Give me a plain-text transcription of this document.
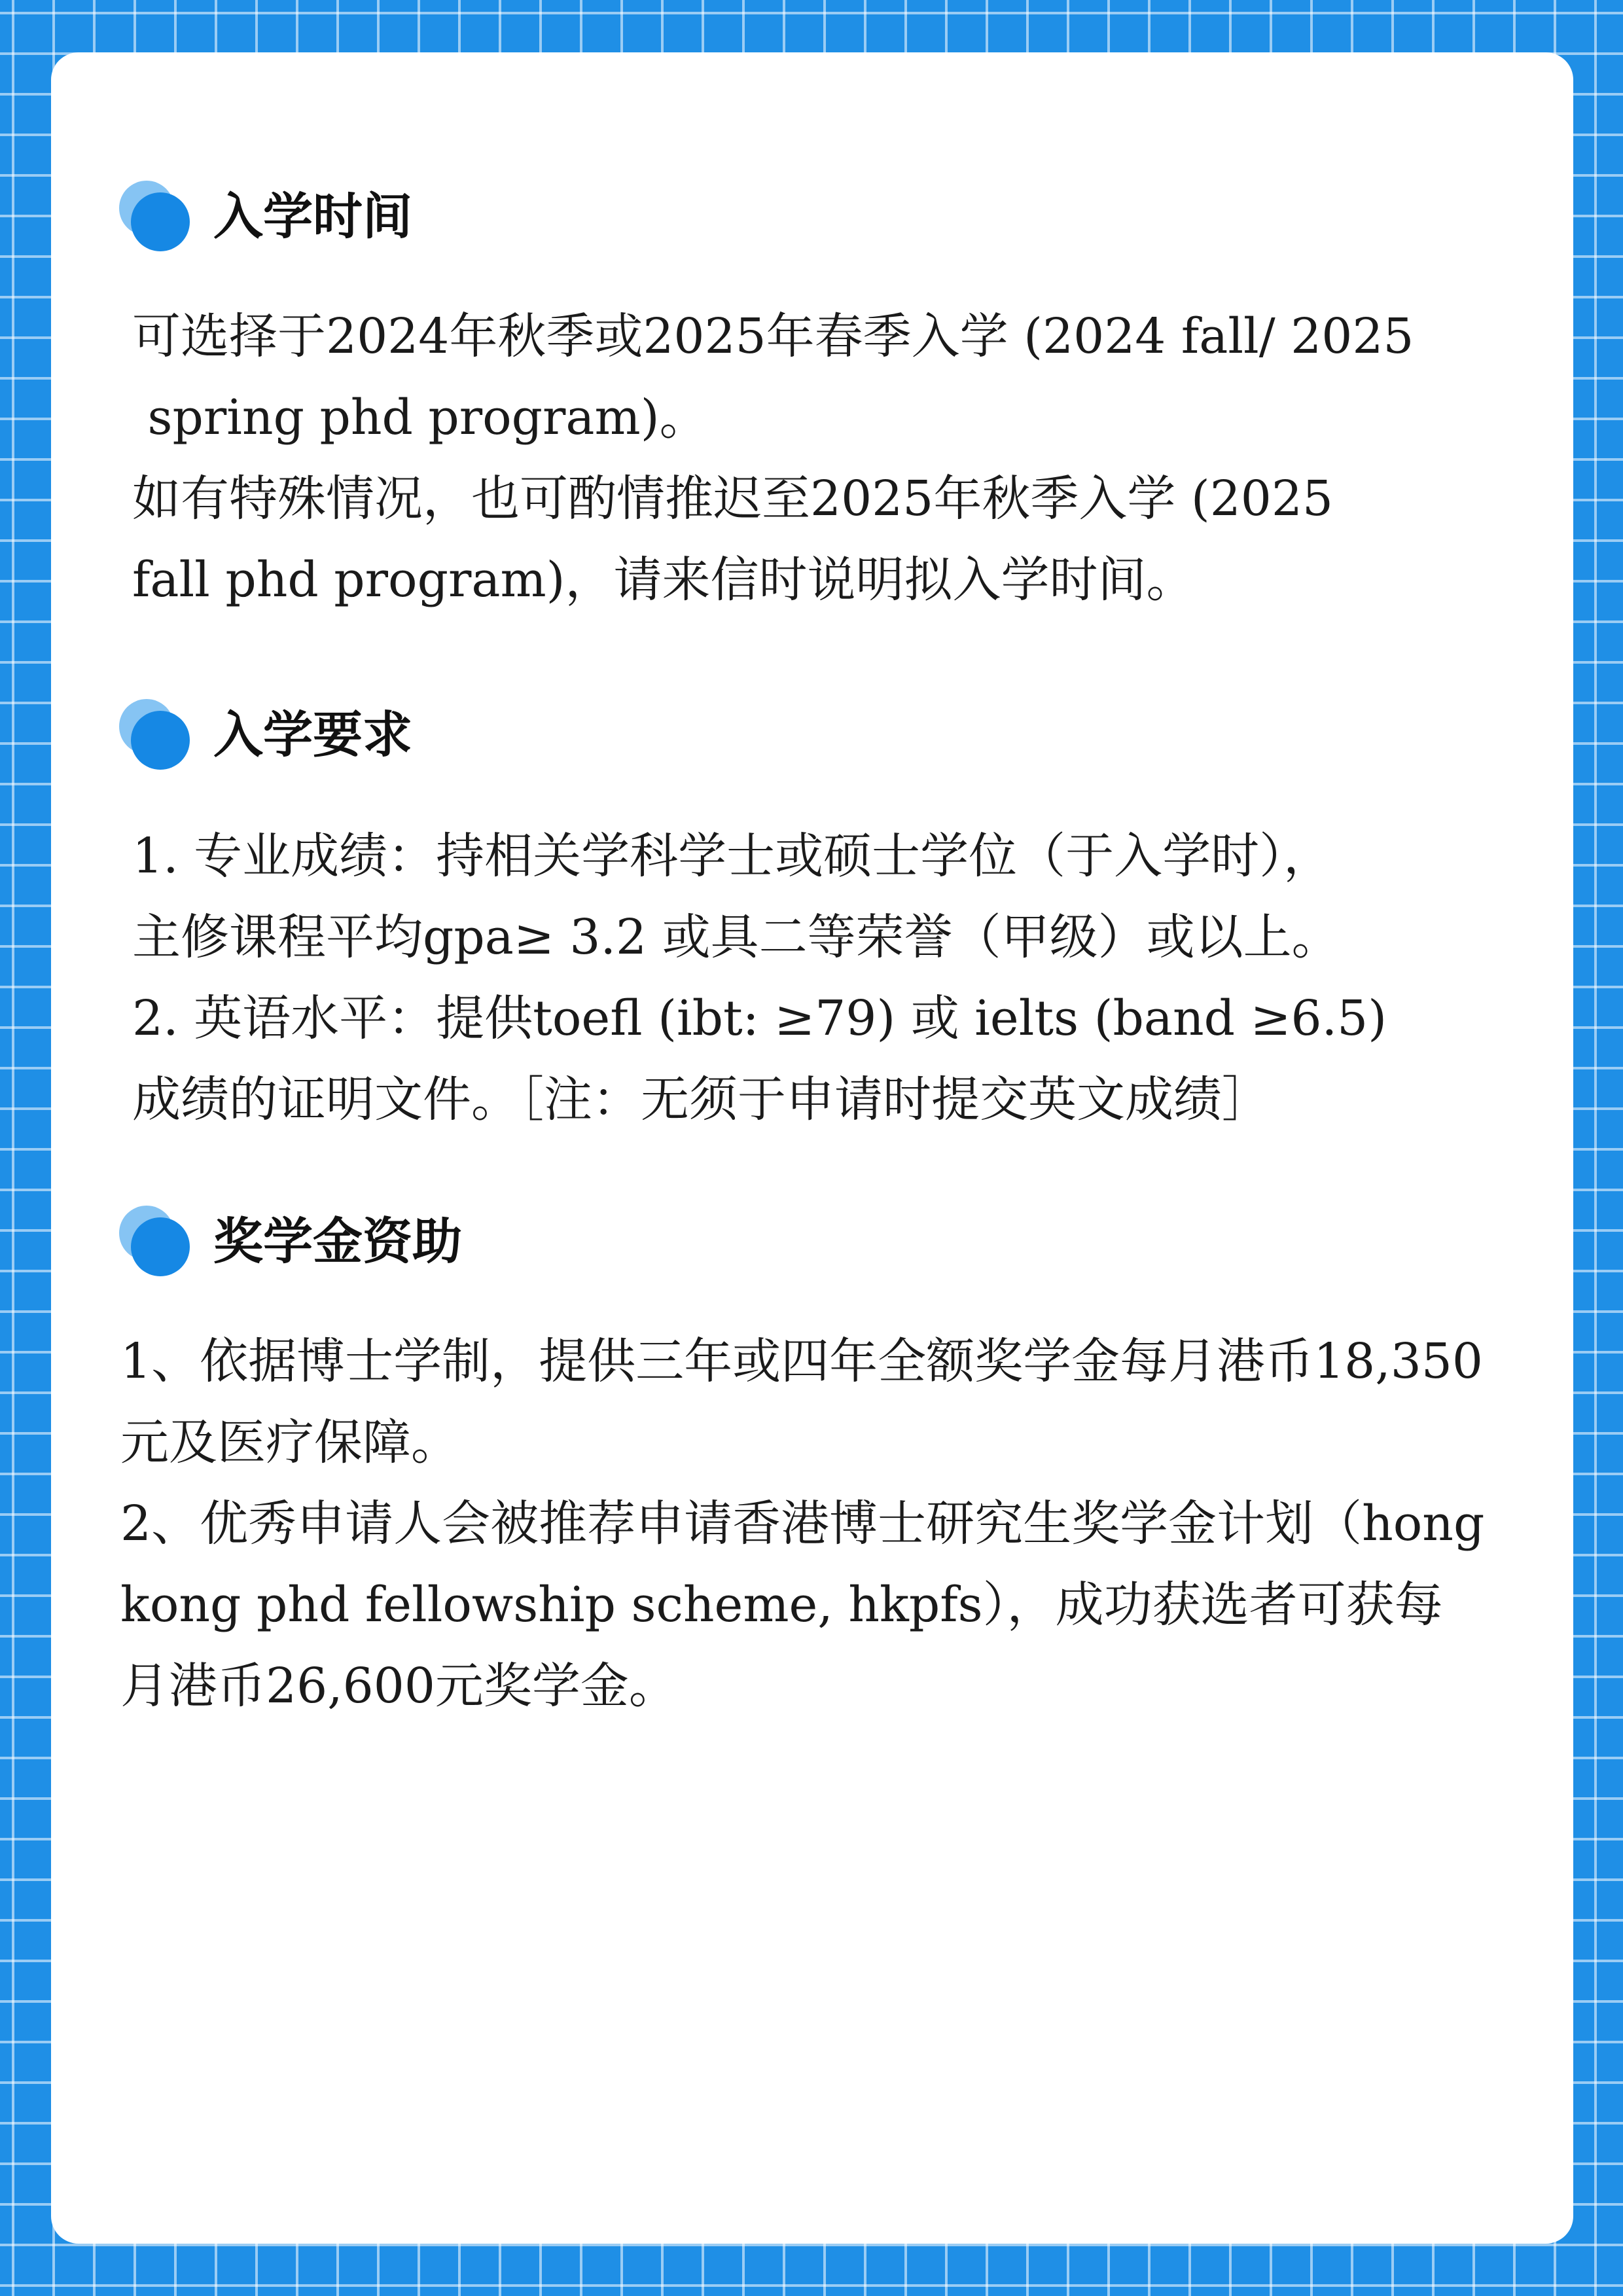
入学时间

可选择于2024年秋季或2025年春季入学 (2024 fall/ 2025
spring phd program)。
如有特殊情况，也可酌情推迟至2025年秋季入学 (2025
fall phd program)，请来信时说明拟入学时间。

入学要求

1. 专业成绩：持相关学科学士或硕士学位（于入学时），
主修课程平均gpa≥ 3.2 或具二等荣誉（甲级）或以上。
2. 英语水平：提供toefl (ibt: ≥79) 或 ielts (band ≥6.5)
成绩的证明文件。［注：无须于申请时提交英文成绩］

奖学金资助

1、依据博士学制，提供三年或四年全额奖学金每月港币18,350
元及医疗保障。
2、优秀申请人会被推荐申请香港博士研究生奖学金计划（hong
kong phd fellowship scheme, hkpfs），成功获选者可获每
月港币26,600元奖学金。
